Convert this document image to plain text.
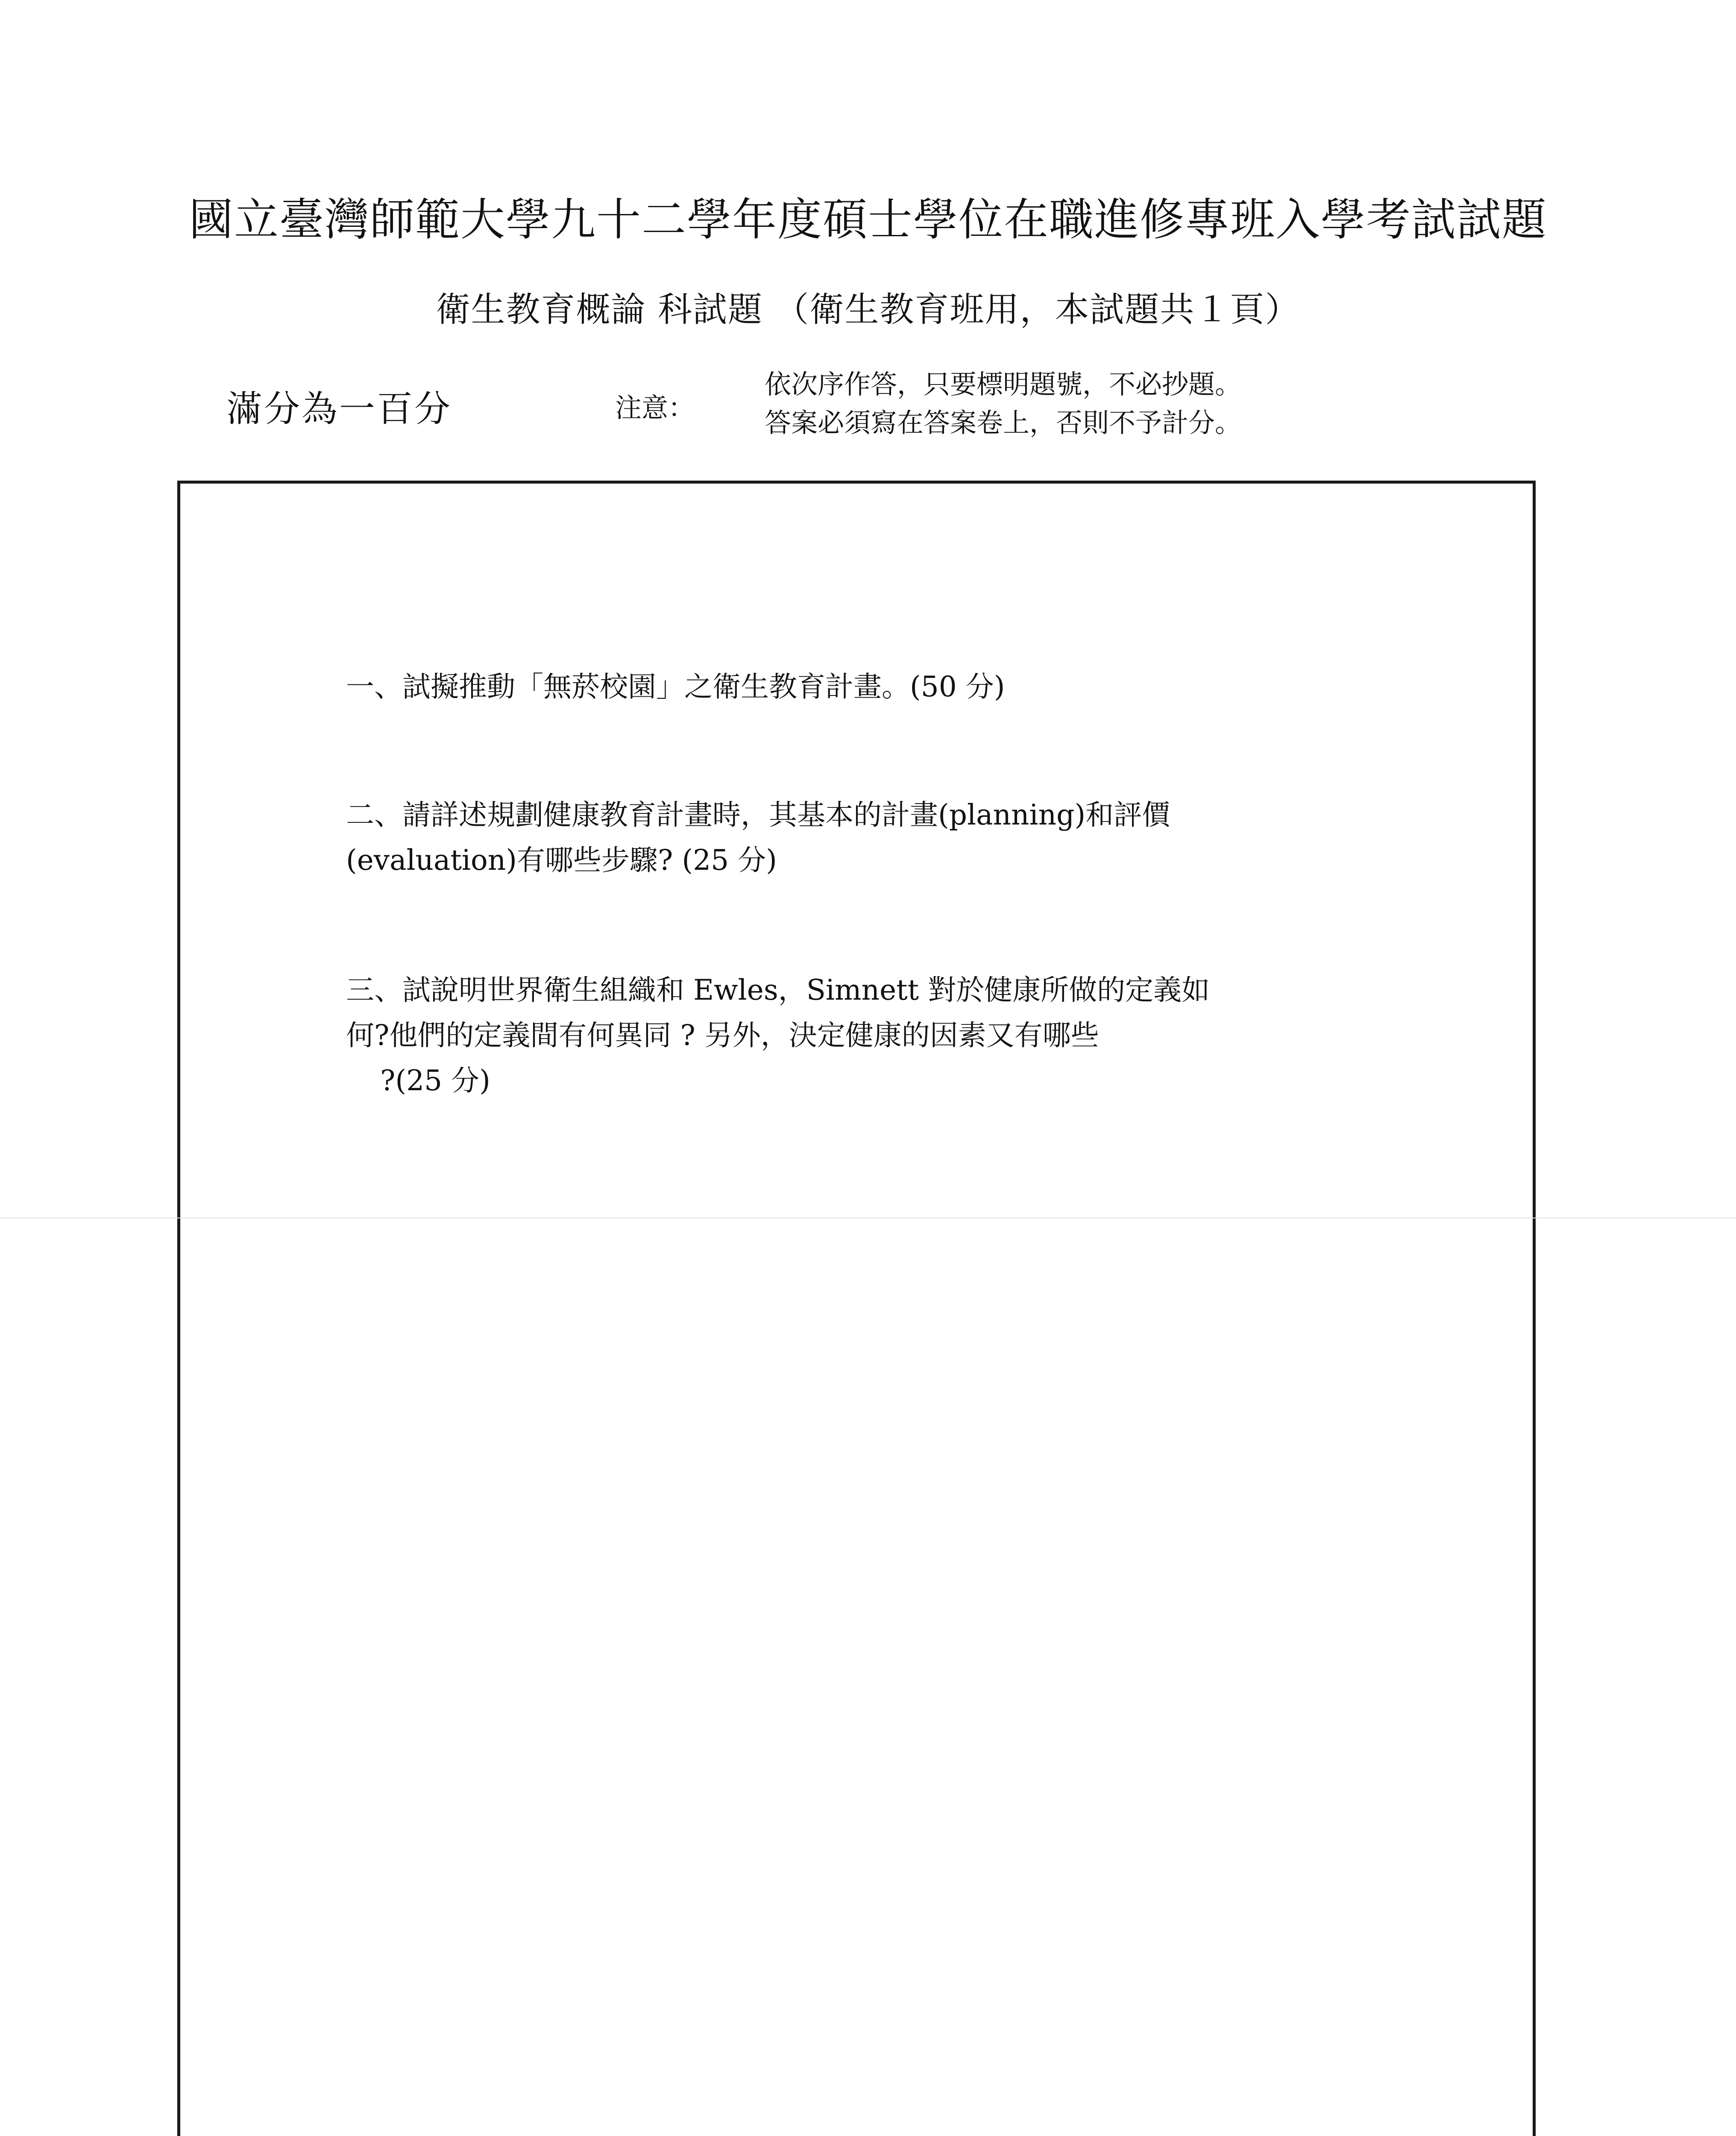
國立臺灣師範大學九十二學年度碩士學位在職進修專班入學考試試題
衛生教育概論 科試題 （衛生教育班用，本試題共１頁）
滿分為一百分	注意：
依次序作答，只要標明題號，不必抄題。
答案必須寫在答案卷上，否則不予計分。
一、試擬推動「無菸校園」之衛生教育計畫。(50 分)
二、請詳述規劃健康教育計畫時，其基本的計畫(planning)和評價
(evaluation)有哪些步驟? (25 分)
三、試說明世界衛生組織和 Ewles，Simnett 對於健康所做的定義如
何?他們的定義間有何異同 ? 另外，決定健康的因素又有哪些
?(25 分)
